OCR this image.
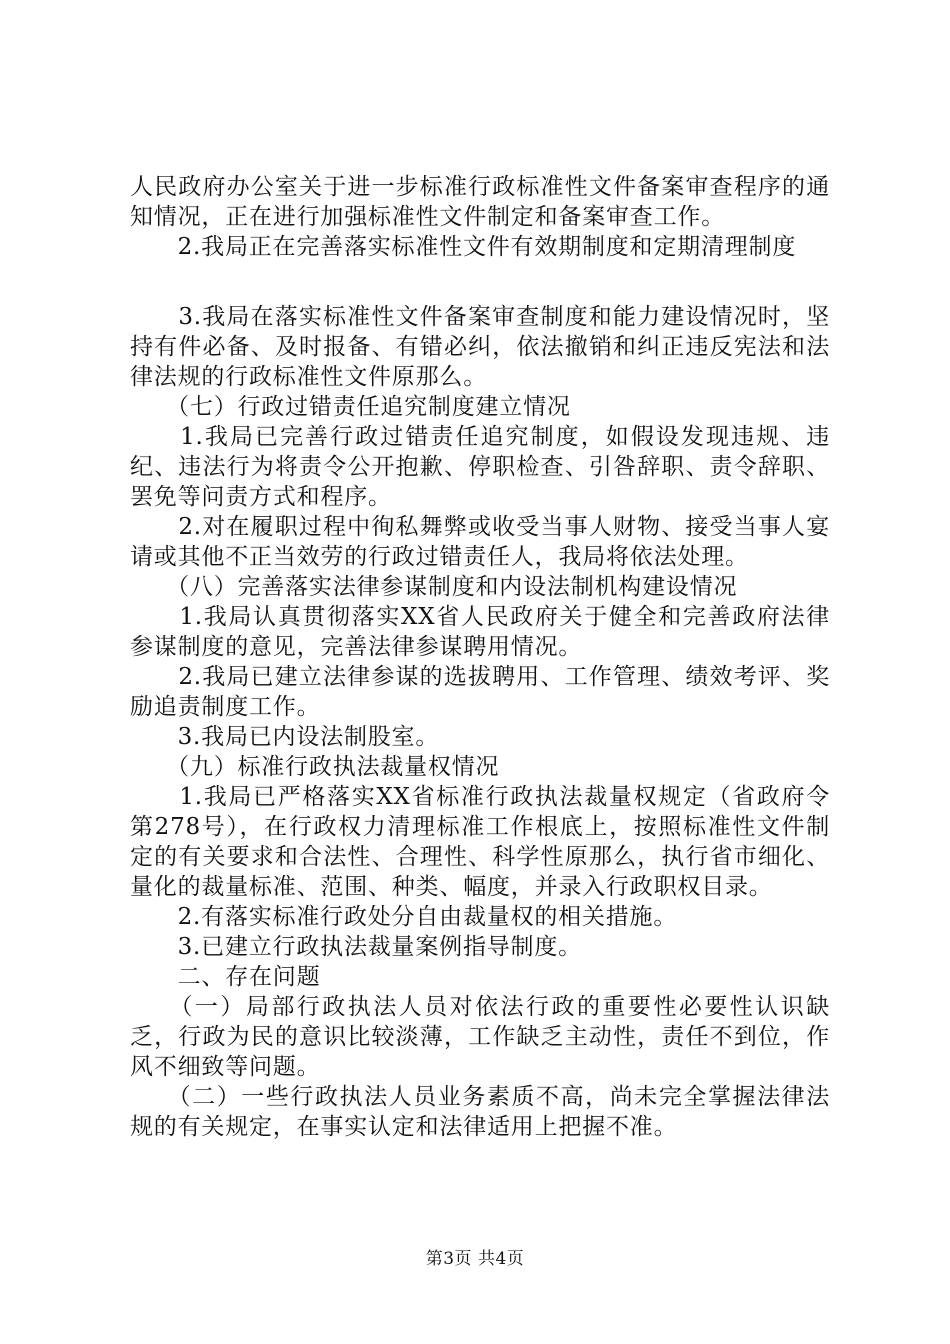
人民政府办公室关于进一步标准行政标准性文件备案审查程序的通知情况，正在进行加强标准性文件制定和备案审查工作。

　　2.我局正在完善落实标准性文件有效期制度和定期清理制度

　　3.我局在落实标准性文件备案审查制度和能力建设情况时，坚持有件必备、及时报备、有错必纠，依法撤销和纠正违反宪法和法律法规的行政标准性文件原那么。

　　（七）行政过错责任追究制度建立情况

　　1.我局已完善行政过错责任追究制度，如假设发现违规、违纪、违法行为将责令公开抱歉、停职检查、引咎辞职、责令辞职、罢免等问责方式和程序。

　　2.对在履职过程中徇私舞弊或收受当事人财物、接受当事人宴请或其他不正当效劳的行政过错责任人，我局将依法处理。

　　（八）完善落实法律参谋制度和内设法制机构建设情况

　　1.我局认真贯彻落实XX省人民政府关于健全和完善政府法律参谋制度的意见，完善法律参谋聘用情况。

　　2.我局已建立法律参谋的选拔聘用、工作管理、绩效考评、奖励追责制度工作。

　　3.我局已内设法制股室。

　　（九）标准行政执法裁量权情况

　　1.我局已严格落实XX省标准行政执法裁量权规定（省政府令第278号），在行政权力清理标准工作根底上，按照标准性文件制定的有关要求和合法性、合理性、科学性原那么，执行省市细化、量化的裁量标准、范围、种类、幅度，并录入行政职权目录。

　　2.有落实标准行政处分自由裁量权的相关措施。

　　3.已建立行政执法裁量案例指导制度。

　　二、存在问题

　　（一）局部行政执法人员对依法行政的重要性必要性认识缺乏，行政为民的意识比较淡薄，工作缺乏主动性，责任不到位，作风不细致等问题。

　　（二）一些行政执法人员业务素质不高，尚未完全掌握法律法规的有关规定，在事实认定和法律适用上把握不准。

第3页 共4页
